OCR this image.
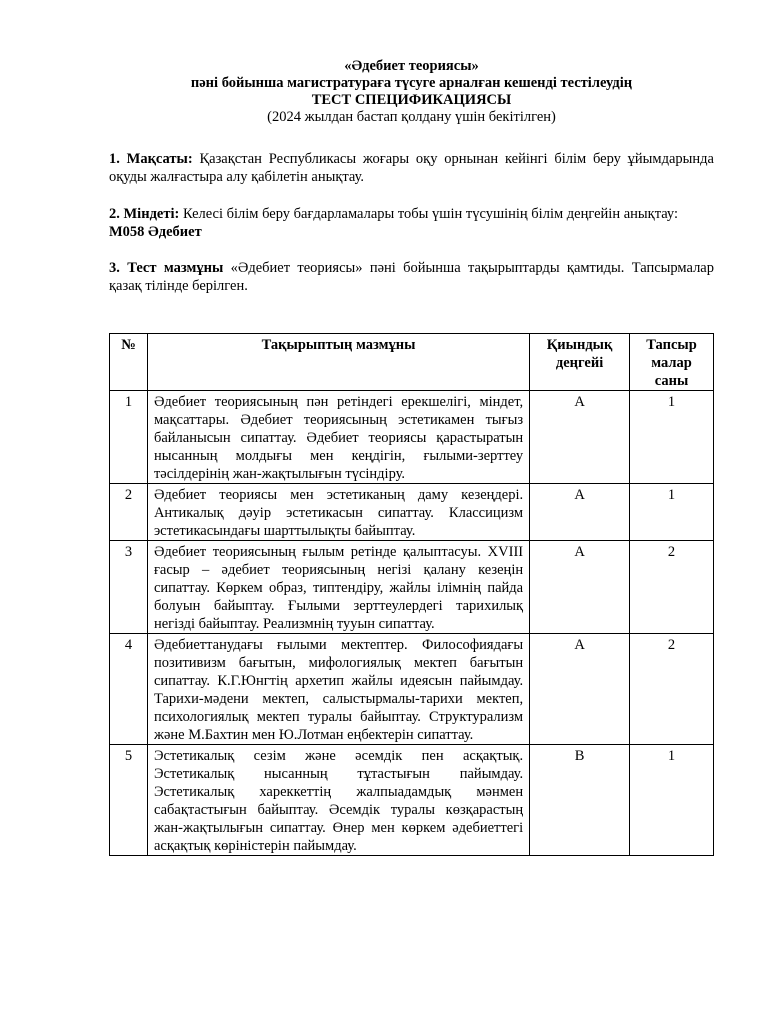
«Әдебиет теориясы»
пәні бойынша магистратураға түсуге арналған кешенді тестілеудің
ТЕСТ СПЕЦИФИКАЦИЯСЫ
(2024 жылдан бастап қолдану үшін бекітілген)
1. Мақсаты: Қазақстан Республикасы жоғары оқу орнынан кейінгі білім беру ұйымдарында оқуды жалғастыра алу қабілетін анықтау.
2. Міндеті: Келесі білім беру бағдарламалары тобы үшін түсушінің білім деңгейін анықтау:
М058 Әдебиет
3. Тест мазмұны «Әдебиет теориясы» пәні бойынша тақырыптарды қамтиды. Тапсырмалар қазақ тілінде берілген.
№	Тақырыптың мазмұны	Қиындық деңгейі	Тапсыр малар саны
1	Әдебиет теориясының пән ретіндегі ерекшелігі, міндет, мақсаттары. Әдебиет теориясының эстетикамен тығыз байланысын сипаттау. Әдебиет теориясы қарастыратын нысанның молдығы мен кеңдігін, ғылыми-зерттеу тәсілдерінің жан-жақтылығын түсіндіру.	A	1
2	Әдебиет теориясы мен эстетиканың даму кезеңдері. Антикалық дәуір эстетикасын сипаттау. Классицизм эстетикасындағы шарттылықты байыптау.	A	1
3	Әдебиет теориясының ғылым ретінде қалыптасуы. XVIII ғасыр – әдебиет теориясының негізі қалану кезеңін сипаттау. Көркем образ, типтендіру, жайлы ілімнің пайда болуын байыптау. Ғылыми зерттеулердегі тарихилық негізді байыптау. Реализмнің тууын сипаттау.	A	2
4	Әдебиеттанудағы ғылыми мектептер. Философиядағы позитивизм бағытын, мифологиялық мектеп бағытын сипаттау. К.Г.Юнгтің архетип жайлы идеясын пайымдау. Тарихи-мәдени мектеп, салыстырмалы-тарихи мектеп, психологиялық мектеп туралы байыптау. Структурализм және М.Бахтин мен Ю.Лотман еңбектерін сипаттау.	A	2
5	Эстетикалық сезім және әсемдік пен асқақтық. Эстетикалық нысанның тұтастығын пайымдау. Эстетикалық хареккеттің жалпыадамдық мәнмен сабақтастығын байыптау. Әсемдік туралы көзқарастың жан-жақтылығын сипаттау. Өнер мен көркем әдебиеттегі асқақтық көріністерін пайымдау.	B	1
